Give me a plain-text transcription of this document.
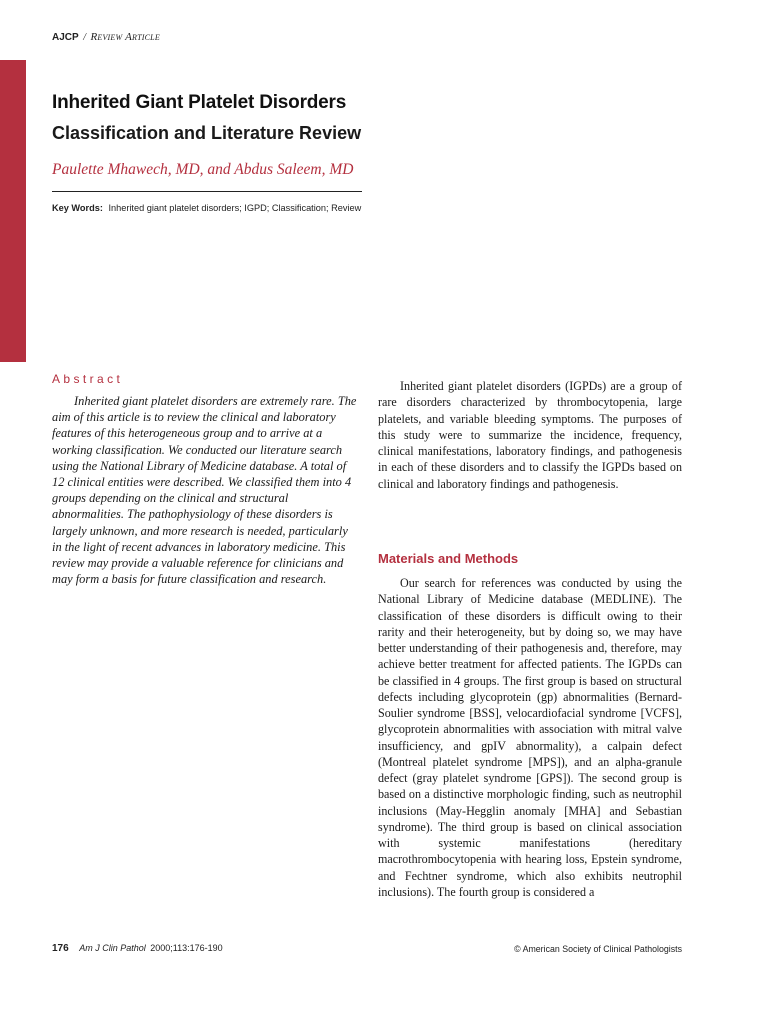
AJCP / Review Article
Inherited Giant Platelet Disorders
Classification and Literature Review
Paulette Mhawech, MD, and Abdus Saleem, MD
Key Words: Inherited giant platelet disorders; IGPD; Classification; Review
Abstract

Inherited giant platelet disorders are extremely rare. The aim of this article is to review the clinical and laboratory features of this heterogeneous group and to arrive at a working classification. We conducted our literature search using the National Library of Medicine database. A total of 12 clinical entities were described. We classified them into 4 groups depending on the clinical and structural abnormalities. The pathophysiology of these disorders is largely unknown, and more research is needed, particularly in the light of recent advances in laboratory medicine. This review may provide a valuable reference for clinicians and may form a basis for future classification and research.

Inherited giant platelet disorders (IGPDs) are a group of rare disorders characterized by thrombocytopenia, large platelets, and variable bleeding symptoms. The purposes of this study were to summarize the incidence, frequency, clinical manifestations, laboratory findings, and pathogenesis in each of these disorders and to classify the IGPDs based on clinical and laboratory findings and pathogenesis.

Materials and Methods

Our search for references was conducted by using the National Library of Medicine database (MEDLINE). The classification of these disorders is difficult owing to their rarity and their heterogeneity, but by doing so, we may have better understanding of their pathogenesis and, therefore, may achieve better treatment for affected patients. The IGPDs can be classified in 4 groups. The first group is based on structural defects including glycoprotein (gp) abnormalities (Bernard-Soulier syndrome [BSS], velocardiofacial syndrome [VCFS], glycoprotein abnormalities with association with mitral valve insufficiency, and gpIV abnormality), a calpain defect (Montreal platelet syndrome [MPS]), and an alpha-granule defect (gray platelet syndrome [GPS]). The second group is based on a distinctive morphologic finding, such as neutrophil inclusions (May-Hegglin anomaly [MHA] and Sebastian syndrome). The third group is based on clinical association with systemic manifestations (hereditary macrothrombocytopenia with hearing loss, Epstein syndrome, and Fechtner syndrome, which also exhibits neutrophil inclusions). The fourth group is considered a

176 Am J Clin Pathol 2000;113:176-190	© American Society of Clinical Pathologists
